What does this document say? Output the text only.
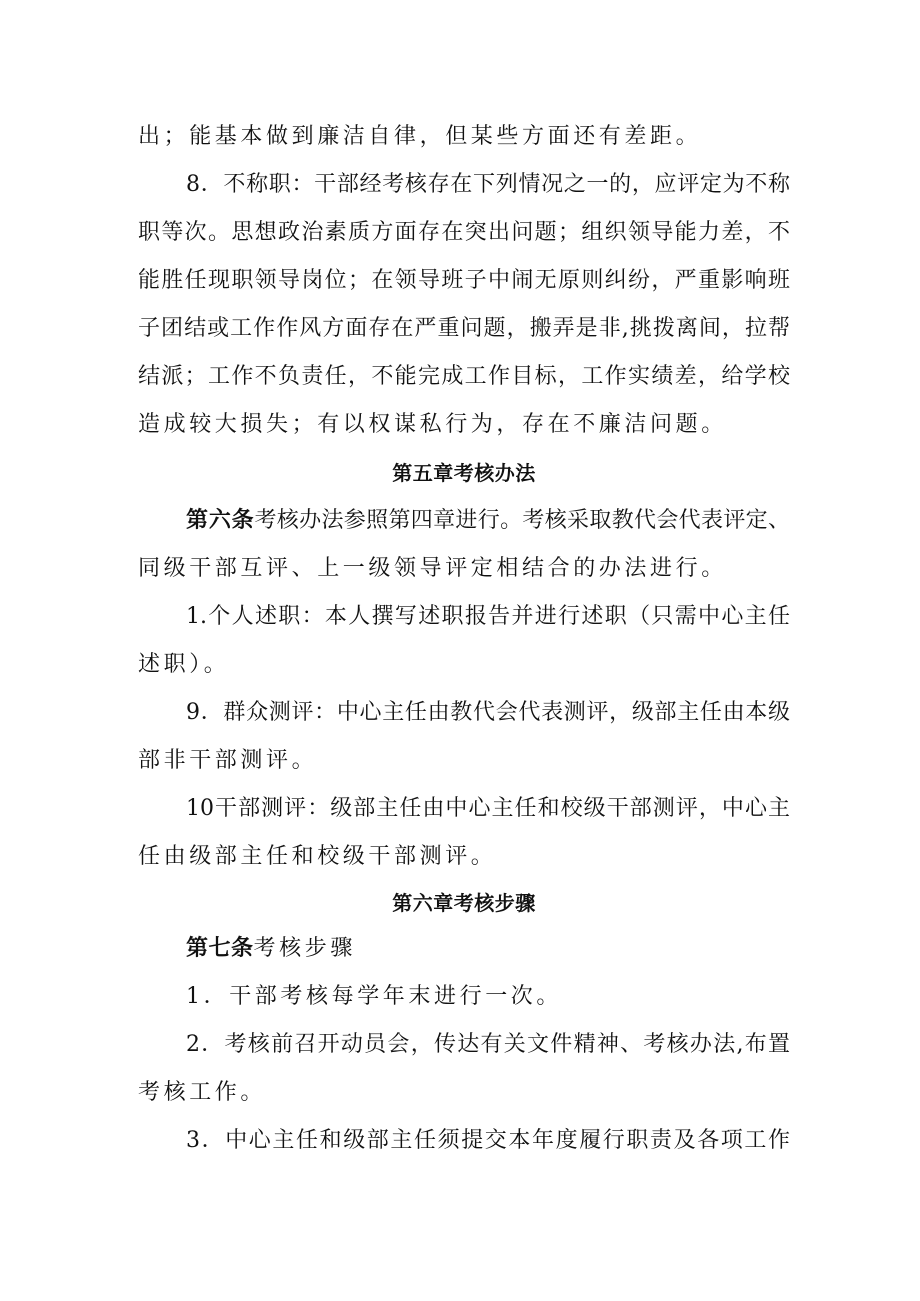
出；能基本做到廉洁自律，但某些方面还有差距。
8．不称职：干部经考核存在下列情况之一的，应评定为不称
职等次。思想政治素质方面存在突出问题；组织领导能力差，不
能胜任现职领导岗位；在领导班子中闹无原则纠纷，严重影响班
子团结或工作作风方面存在严重问题，搬弄是非,挑拨离间，拉帮
结派；工作不负责任，不能完成工作目标，工作实绩差，给学校
造成较大损失；有以权谋私行为，存在不廉洁问题。
第五章考核办法
第六条考核办法参照第四章进行。考核采取教代会代表评定、
同级干部互评、上一级领导评定相结合的办法进行。
1.个人述职：本人撰写述职报告并进行述职（只需中心主任
述职）。
9．群众测评：中心主任由教代会代表测评，级部主任由本级
部非干部测评。
10干部测评：级部主任由中心主任和校级干部测评，中心主
任由级部主任和校级干部测评。
第六章考核步骤
第七条考核步骤
1．干部考核每学年末进行一次。
2．考核前召开动员会，传达有关文件精神、考核办法,布置
考核工作。
3．中心主任和级部主任须提交本年度履行职责及各项工作
